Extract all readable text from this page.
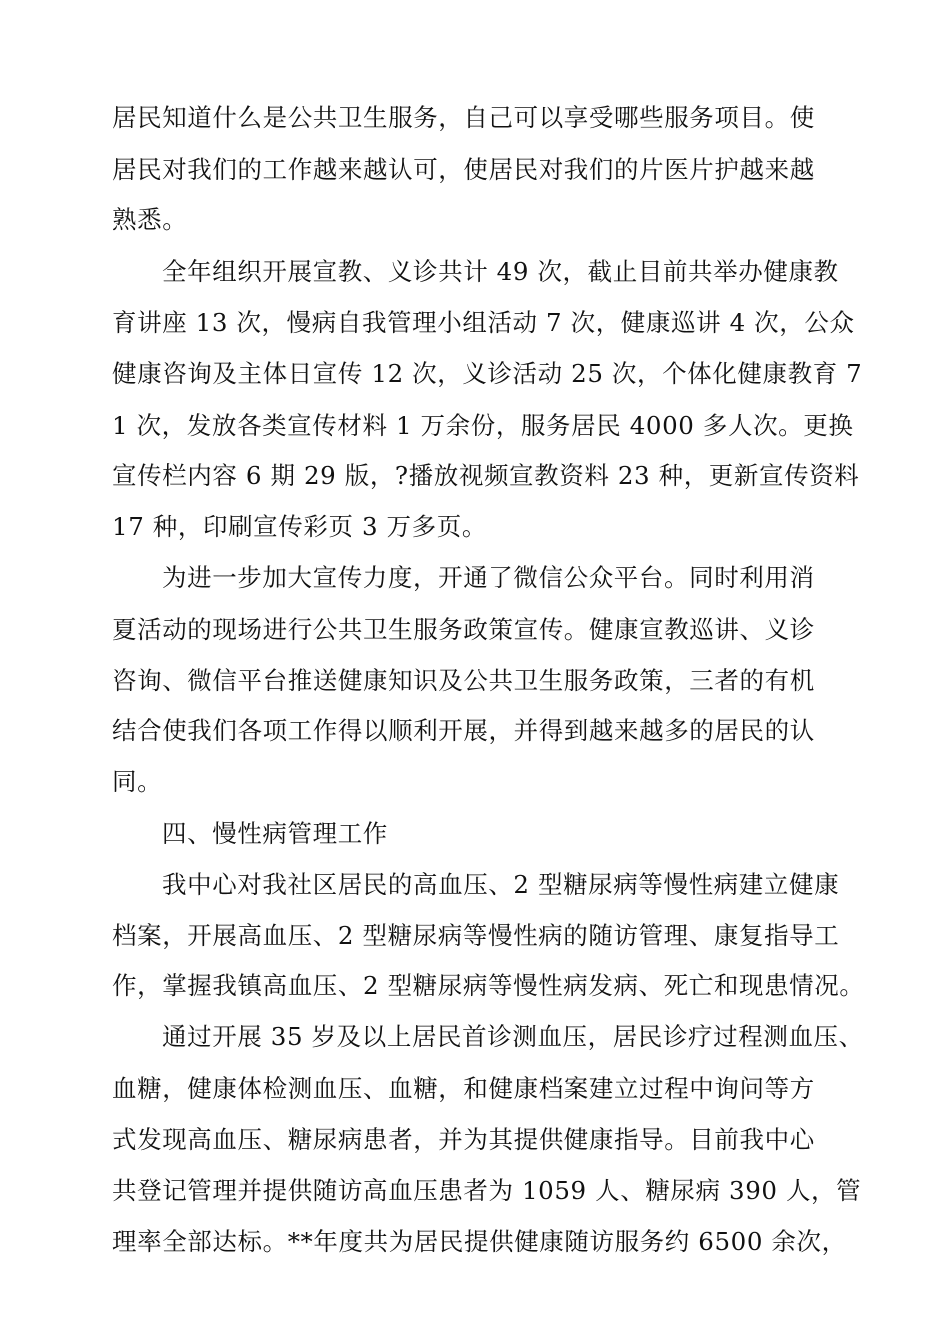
居民知道什么是公共卫生服务，自己可以享受哪些服务项目。使
居民对我们的工作越来越认可，使居民对我们的片医片护越来越
熟悉。
全年组织开展宣教、义诊共计 49 次，截止目前共举办健康教
育讲座 13 次，慢病自我管理小组活动 7 次，健康巡讲 4 次，公众
健康咨询及主体日宣传 12 次，义诊活动 25 次，个体化健康教育 7
1 次，发放各类宣传材料 1 万余份，服务居民 4000 多人次。更换
宣传栏内容 6 期 29 版，?播放视频宣教资料 23 种，更新宣传资料
17 种，印刷宣传彩页 3 万多页。
为进一步加大宣传力度，开通了微信公众平台。同时利用消
夏活动的现场进行公共卫生服务政策宣传。健康宣教巡讲、义诊
咨询、微信平台推送健康知识及公共卫生服务政策，三者的有机
结合使我们各项工作得以顺利开展，并得到越来越多的居民的认
同。
四、慢性病管理工作
我中心对我社区居民的高血压、2 型糖尿病等慢性病建立健康
档案，开展高血压、2 型糖尿病等慢性病的随访管理、康复指导工
作，掌握我镇高血压、2 型糖尿病等慢性病发病、死亡和现患情况。
通过开展 35 岁及以上居民首诊测血压，居民诊疗过程测血压、
血糖，健康体检测血压、血糖，和健康档案建立过程中询问等方
式发现高血压、糖尿病患者，并为其提供健康指导。目前我中心
共登记管理并提供随访高血压患者为 1059 人、糖尿病 390 人，管
理率全部达标。**年度共为居民提供健康随访服务约 6500 余次，
